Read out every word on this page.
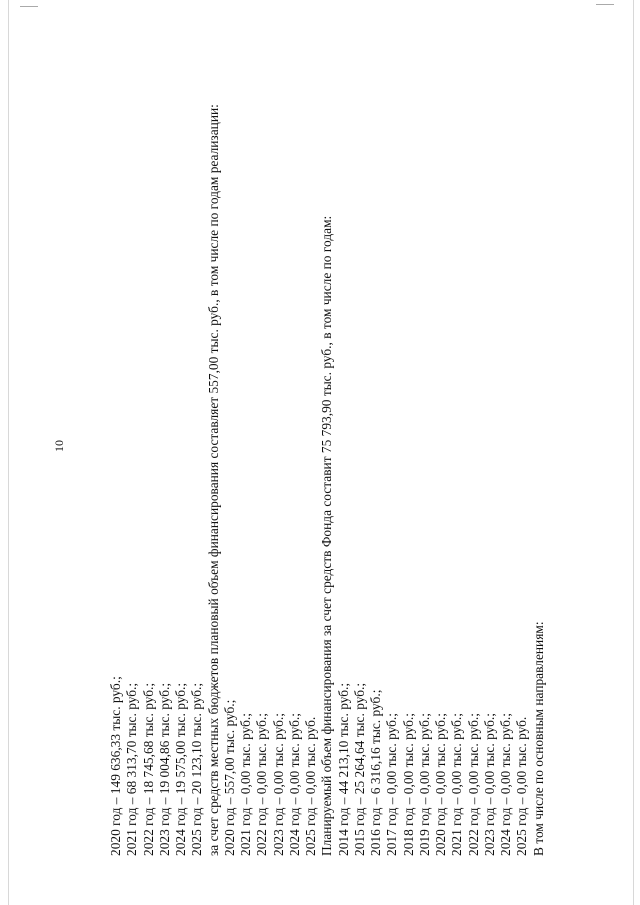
10
2020 год – 149 636,33 тыс. руб.; 2021 год – 68 313,70 тыс. руб.; 2022 год – 18 745,68 тыс. руб.; 2023 год – 19 004,86 тыс. руб.; 2024 год – 19 575,00 тыс. руб.; 2025 год – 20 123,10 тыс. руб.; за счет средств местных бюджетов плановый объем финансирования составляет 557,00 тыс. руб., в том числе по годам реализации: 2020 год – 557,00 тыс. руб.; 2021 год – 0,00 тыс. руб.; 2022 год – 0,00 тыс. руб.; 2023 год – 0,00 тыс. руб.; 2024 год – 0,00 тыс. руб.; 2025 год – 0,00 тыс. руб. Планируемый объем финансирования за счет средств Фонда составит 75 793,90 тыс. руб., в том числе по годам: 2014 год – 44 213,10 тыс. руб.; 2015 год – 25 264,64 тыс. руб.; 2016 год – 6 316,16 тыс. руб.; 2017 год – 0,00 тыс. руб.; 2018 год – 0,00 тыс. руб.; 2019 год – 0,00 тыс. руб.; 2020 год – 0,00 тыс. руб.; 2021 год – 0,00 тыс. руб.; 2022 год – 0,00 тыс. руб.; 2023 год – 0,00 тыс. руб.; 2024 год – 0,00 тыс. руб.; 2025 год – 0,00 тыс. руб. В том числе по основным направлениям:
